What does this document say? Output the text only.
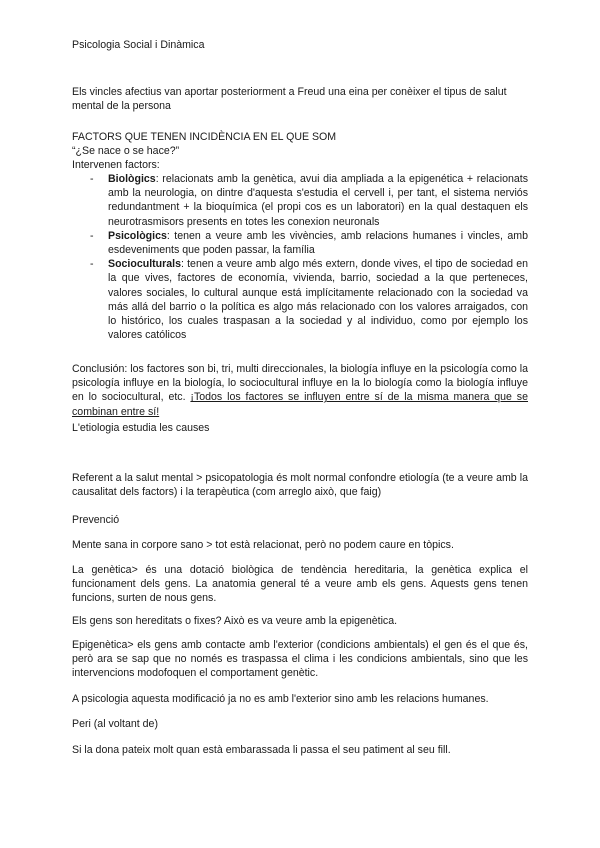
Psicologia Social i Dinàmica

Els vincles afectius van aportar posteriorment a Freud una eina per conèixer el tipus de salut mental de la persona

FACTORS QUE TENEN INCIDÈNCIA EN EL QUE SOM

“¿Se nace o se hace?”

Intervenen factors:

- Biològics: relacionats amb la genètica, avui dia ampliada a la epigenética + relacionats amb la neurologia, on dintre d'aquesta s'estudia el cervell i, per tant, el sistema nerviós redundantment + la bioquímica (el propi cos es un laboratori) en la qual destaquen els neurotrasmisors presents en totes les conexion neuronals
- Psicològics: tenen a veure amb les vivències, amb relacions humanes i vincles, amb esdeveniments que poden passar, la família
- Socioculturals: tenen a veure amb algo més extern, donde vives, el tipo de sociedad en la que vives, factores de economía, vivienda, barrio, sociedad a la que perteneces, valores sociales, lo cultural aunque está implícitamente relacionado con la sociedad va más allá del barrio o la política es algo más relacionado con los valores arraigados, con lo histórico, los cuales traspasan a la sociedad y al individuo, como por ejemplo los valores católicos

Conclusión: los factores son bi, tri, multi direccionales, la biología influye en la psicología como la psicología influye en la biología, lo sociocultural influye en la lo biología como la biología influye en lo sociocultural, etc. ¡Todos los factores se influyen entre sí de la misma manera que se combinan entre sí!

L'etiologia estudia les causes

Referent a la salut mental > psicopatologia és molt normal confondre etiología (te a veure amb la causalitat dels factors) i la terapèutica (com arreglo això, que faig)

Prevenció

Mente sana in corpore sano > tot està relacionat, però no podem caure en tòpics.

La genètica> és una dotació biològica de tendència hereditaria, la genètica explica el funcionament dels gens. La anatomia general té a veure amb els gens. Aquests gens tenen funcions, surten de nous gens.

Els gens son hereditats o fixes? Això es va veure amb la epigenètica.

Epigenètica> els gens amb contacte amb l'exterior (condicions ambientals) el gen és el que és, però ara se sap que no només es traspassa el clima i les condicions ambientals, sino que les intervencions modofoquen el comportament genètic.

A psicologia aquesta modificació ja no es amb l'exterior sino amb les relacions humanes.

Peri (al voltant de)

Si la dona pateix molt quan està embarassada li passa el seu patiment al seu fill.
